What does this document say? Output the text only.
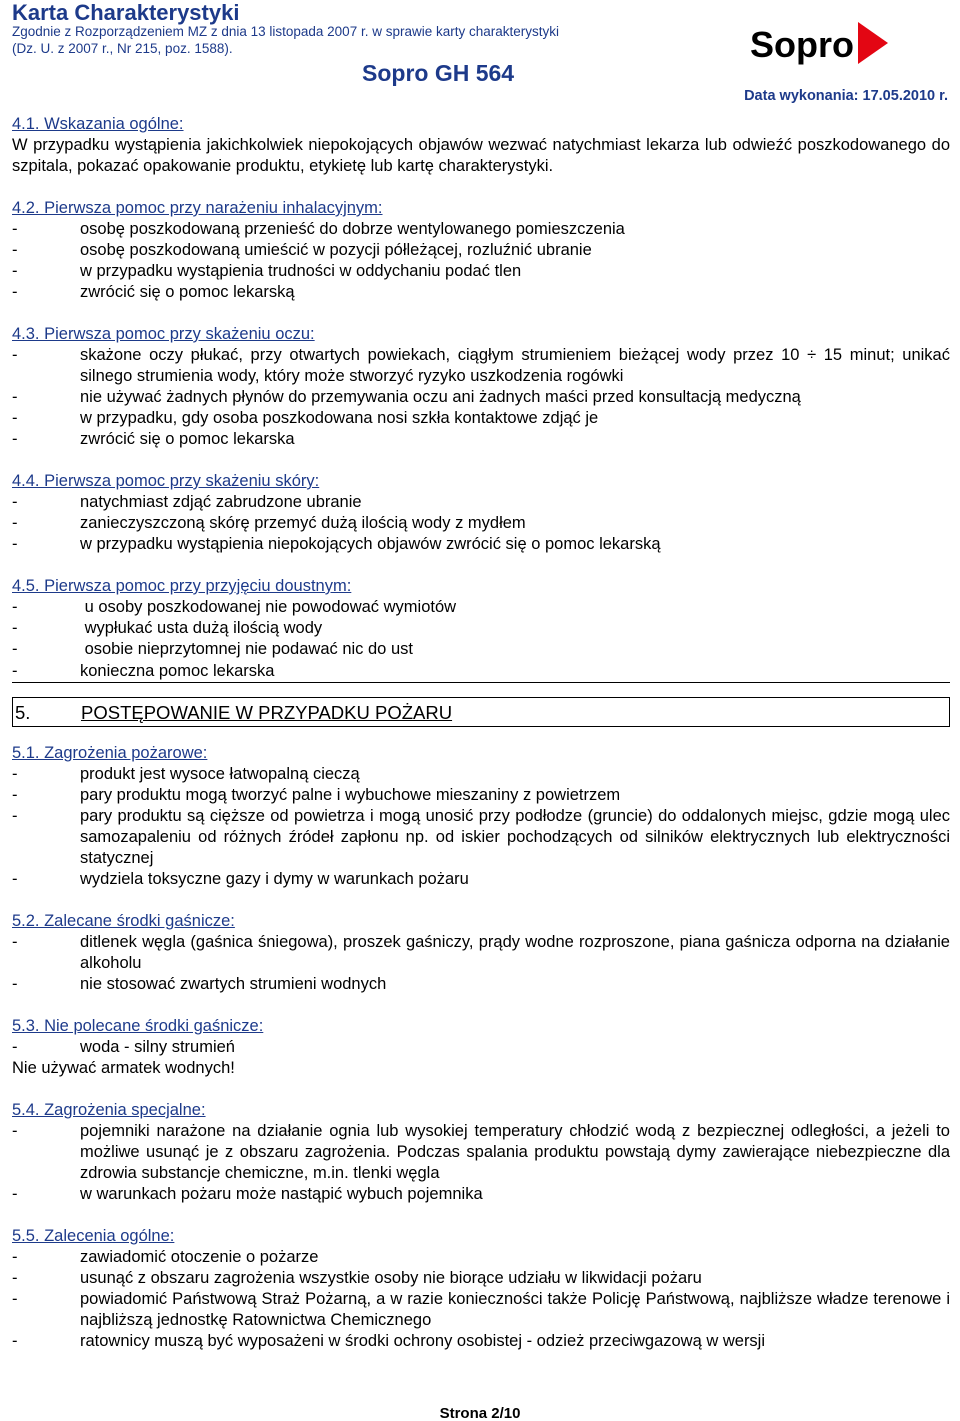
Karta Charakterystyki
Zgodnie z Rozporządzeniem MZ z dnia 13 listopada 2007 r. w sprawie karty charakterystyki
(Dz. U. z 2007 r., Nr 215, poz. 1588).
Sopro GH 564
Data wykonania: 17.05.2010 r.
Sopro
4.1. Wskazania ogólne:
W przypadku wystąpienia jakichkolwiek niepokojących objawów wezwać natychmiast lekarza lub odwieźć poszkodowanego do szpitala, pokazać opakowanie produktu, etykietę lub kartę charakterystyki.
4.2. Pierwsza pomoc przy narażeniu inhalacyjnym:
-	osobę poszkodowaną przenieść do dobrze wentylowanego pomieszczenia
-	osobę poszkodowaną umieścić w pozycji półleżącej, rozluźnić ubranie
-	w przypadku wystąpienia trudności w oddychaniu podać tlen
-	zwrócić się o pomoc lekarską
4.3. Pierwsza pomoc przy skażeniu oczu:
-	skażone oczy płukać, przy otwartych powiekach, ciągłym strumieniem bieżącej wody przez 10 ÷ 15 minut; unikać silnego strumienia wody, który może stworzyć ryzyko uszkodzenia rogówki
-	nie używać żadnych płynów do przemywania oczu ani żadnych maści przed konsultacją medyczną
-	w przypadku, gdy osoba poszkodowana nosi szkła kontaktowe zdjąć je
-	zwrócić się o pomoc lekarska
4.4. Pierwsza pomoc przy skażeniu skóry:
-	natychmiast zdjąć zabrudzone ubranie
-	zanieczyszczoną skórę przemyć dużą ilością wody z mydłem
-	w przypadku wystąpienia niepokojących objawów zwrócić się o pomoc lekarską
4.5. Pierwsza pomoc przy przyjęciu doustnym:
-	u osoby poszkodowanej nie powodować wymiotów
-	wypłukać usta dużą ilością wody
-	osobie nieprzytomnej nie podawać nic do ust
-	konieczna pomoc lekarska
5.	POSTĘPOWANIE W PRZYPADKU POŻARU
5.1. Zagrożenia pożarowe:
-	produkt jest wysoce łatwopalną cieczą
-	pary produktu mogą tworzyć palne i wybuchowe mieszaniny z powietrzem
-	pary produktu są cięższe od powietrza i mogą unosić przy podłodze (gruncie) do oddalonych miejsc, gdzie mogą ulec samozapaleniu od różnych źródeł zapłonu np. od iskier pochodzących od silników elektrycznych lub elektryczności statycznej
-	wydziela toksyczne gazy i dymy w warunkach pożaru
5.2. Zalecane środki gaśnicze:
-	ditlenek węgla (gaśnica śniegowa), proszek gaśniczy, prądy wodne rozproszone, piana gaśnicza odporna na działanie alkoholu
-	nie stosować zwartych strumieni wodnych
5.3. Nie polecane środki gaśnicze:
-	woda - silny strumień
Nie używać armatek wodnych!
5.4. Zagrożenia specjalne:
-	pojemniki narażone na działanie ognia lub wysokiej temperatury chłodzić wodą z bezpiecznej odległości, a jeżeli to możliwe usunąć je z obszaru zagrożenia. Podczas spalania produktu powstają dymy zawierające niebezpieczne dla zdrowia substancje chemiczne, m.in. tlenki węgla
-	w warunkach pożaru może nastąpić wybuch pojemnika
5.5. Zalecenia ogólne:
-	zawiadomić otoczenie o pożarze
-	usunąć z obszaru zagrożenia wszystkie osoby nie biorące udziału w likwidacji pożaru
-	powiadomić Państwową Straż Pożarną, a w razie konieczności także Policję Państwową, najbliższe władze terenowe i najbliższą jednostkę Ratownictwa Chemicznego
-	ratownicy muszą być wyposażeni w środki ochrony osobistej - odzież przeciwgazową w wersji
Strona 2/10
